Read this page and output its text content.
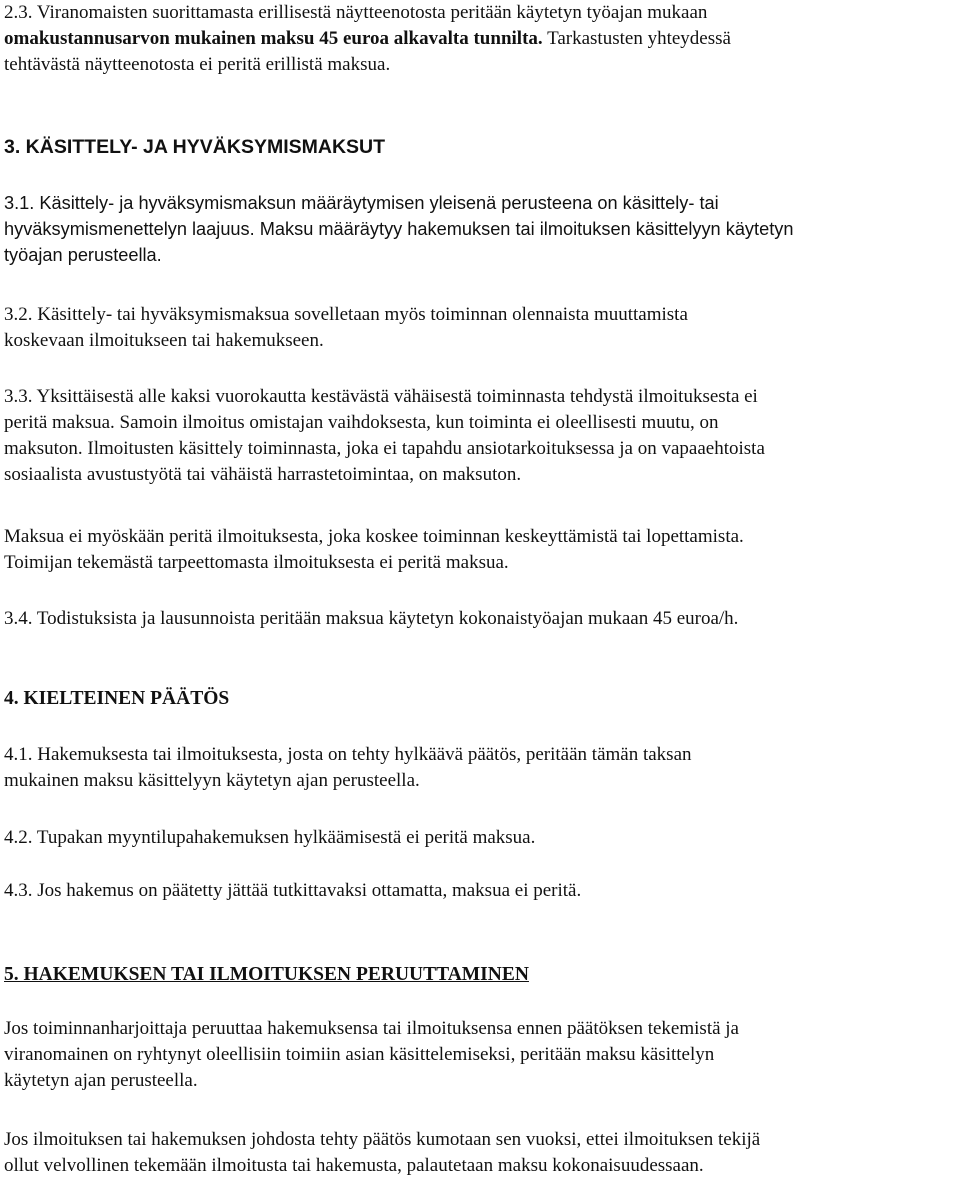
2.3. Viranomaisten suorittamasta erillisestä näytteenotosta peritään käytetyn työajan mukaan
omakustannusarvon mukainen maksu 45 euroa alkavalta tunnilta. Tarkastusten yhteydessä
tehtävästä näytteenotosta ei peritä erillistä maksua.

3. KÄSITTELY- JA HYVÄKSYMISMAKSUT

3.1. Käsittely- ja hyväksymismaksun määräytymisen yleisenä perusteena on käsittely- tai
hyväksymismenettelyn laajuus. Maksu määräytyy hakemuksen tai ilmoituksen käsittelyyn käytetyn
työajan perusteella.

3.2. Käsittely- tai hyväksymismaksua sovelletaan myös toiminnan olennaista muuttamista
koskevaan ilmoitukseen tai hakemukseen.

3.3. Yksittäisestä alle kaksi vuorokautta kestävästä vähäisestä toiminnasta tehdystä ilmoituksesta ei
peritä maksua. Samoin ilmoitus omistajan vaihdoksesta, kun toiminta ei oleellisesti muutu, on
maksuton. Ilmoitusten käsittely toiminnasta, joka ei tapahdu ansiotarkoituksessa ja on vapaaehtoista
sosiaalista avustustyötä tai vähäistä harrastetoimintaa, on maksuton.

Maksua ei myöskään peritä ilmoituksesta, joka koskee toiminnan keskeyttämistä tai lopettamista.
Toimijan tekemästä tarpeettomasta ilmoituksesta ei peritä maksua.

3.4. Todistuksista ja lausunnoista peritään maksua käytetyn kokonaistyöajan mukaan 45 euroa/h.

4. KIELTEINEN PÄÄTÖS

4.1. Hakemuksesta tai ilmoituksesta, josta on tehty hylkäävä päätös, peritään tämän taksan
mukainen maksu käsittelyyn käytetyn ajan perusteella.

4.2. Tupakan myyntilupahakemuksen hylkäämisestä ei peritä maksua.

4.3. Jos hakemus on päätetty jättää tutkittavaksi ottamatta, maksua ei peritä.

5. HAKEMUKSEN TAI ILMOITUKSEN PERUUTTAMINEN

Jos toiminnanharjoittaja peruuttaa hakemuksensa tai ilmoituksensa ennen päätöksen tekemistä ja
viranomainen on ryhtynyt oleellisiin toimiin asian käsittelemiseksi, peritään maksu käsittelyn
käytetyn ajan perusteella.

Jos ilmoituksen tai hakemuksen johdosta tehty päätös kumotaan sen vuoksi, ettei ilmoituksen tekijä
ollut velvollinen tekemään ilmoitusta tai hakemusta, palautetaan maksu kokonaisuudessaan.
